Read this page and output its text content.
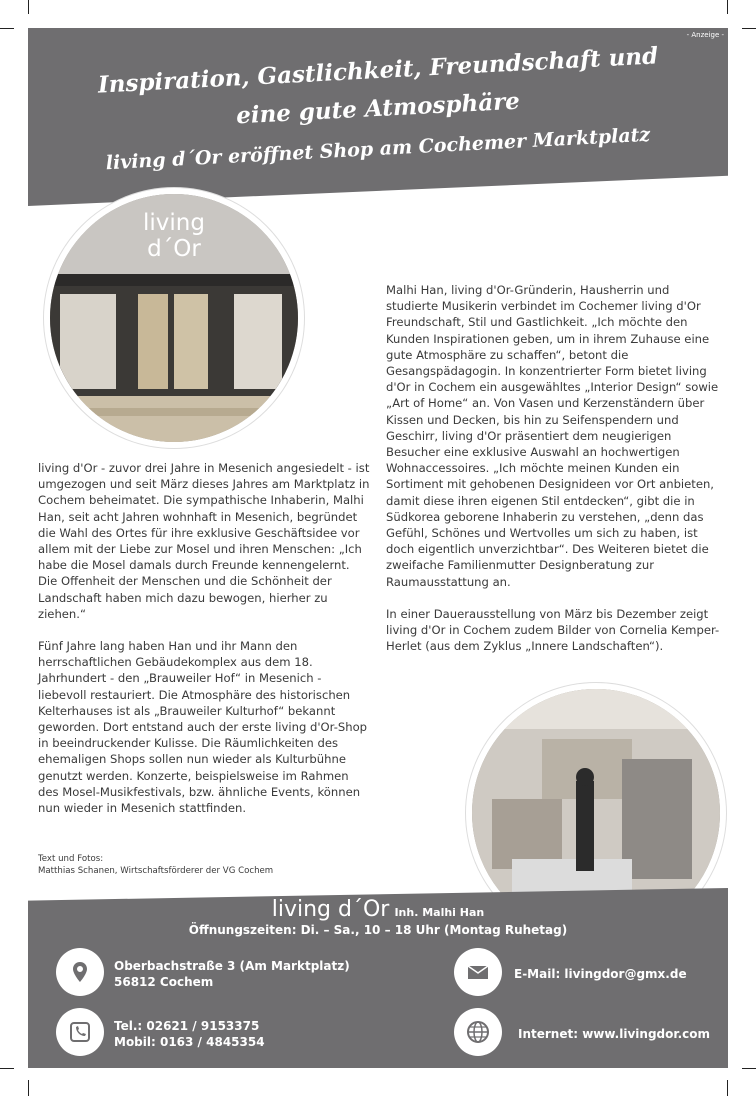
- Anzeige -
Inspiration, Gastlichkeit, Freundschaft und
eine gute Atmosphäre
living d´Or eröffnet Shop am Cochemer Marktplatz
living
d´Or

living d'Or - zuvor drei Jahre in Mesenich angesiedelt - ist umgezogen und seit März dieses Jahres am Marktplatz in Cochem beheimatet. Die sympathische Inhaberin, Malhi Han, seit acht Jahren wohnhaft in Mesenich, begründet die Wahl des Ortes für ihre exklusive Geschäftsidee vor allem mit der Liebe zur Mosel und ihren Menschen: „Ich habe die Mosel damals durch Freunde kennengelernt. Die Offenheit der Menschen und die Schönheit der Landschaft haben mich dazu bewogen, hierher zu ziehen.“

Fünf Jahre lang haben Han und ihr Mann den herrschaftlichen Gebäudekomplex aus dem 18. Jahrhundert - den „Brauweiler Hof“ in Mesenich - liebevoll restauriert. Die Atmosphäre des historischen Kelterhauses ist als „Brauweiler Kulturhof“ bekannt geworden. Dort entstand auch der erste living d'Or-Shop in beeindruckender Kulisse. Die Räumlichkeiten des ehemaligen Shops sollen nun wieder als Kulturbühne genutzt werden. Konzerte, beispielsweise im Rahmen des Mosel-Musikfestivals, bzw. ähnliche Events, können nun wieder in Mesenich stattfinden.

Malhi Han, living d'Or-Gründerin, Hausherrin und studierte Musikerin verbindet im Cochemer living d'Or Freundschaft, Stil und Gastlichkeit. „Ich möchte den Kunden Inspirationen geben, um in ihrem Zuhause eine gute Atmosphäre zu schaffen“, betont die Gesangspädagogin. In konzentrierter Form bietet living d'Or in Cochem ein ausgewähltes „Interior Design“ sowie „Art of Home“ an. Von Vasen und Kerzenständern über Kissen und Decken, bis hin zu Seifenspendern und Geschirr, living d'Or präsentiert dem neugierigen Besucher eine exklusive Auswahl an hochwertigen Wohnaccessoires. „Ich möchte meinen Kunden ein Sortiment mit gehobenen Designideen vor Ort anbieten, damit diese ihren eigenen Stil entdecken“, gibt die in Südkorea geborene Inhaberin zu verstehen, „denn das Gefühl, Schönes und Wertvolles um sich zu haben, ist doch eigentlich unverzichtbar“. Des Weiteren bietet die zweifache Familienmutter Designberatung zur Raumausstattung an.

In einer Dauerausstellung von März bis Dezember zeigt living d'Or in Cochem zudem Bilder von Cornelia Kemper-Herlet (aus dem Zyklus „Innere Landschaften“).

Text und Fotos:
Matthias Schanen, Wirtschaftsförderer der VG Cochem
living d´Or Inh. Malhi Han
Öffnungszeiten: Di. – Sa., 10 – 18 Uhr (Montag Ruhetag)
Oberbachstraße 3 (Am Marktplatz)
56812 Cochem
Tel.: 02621 / 9153375
Mobil: 0163 / 4845354
E-Mail: livingdor@gmx.de
Internet: www.livingdor.com
